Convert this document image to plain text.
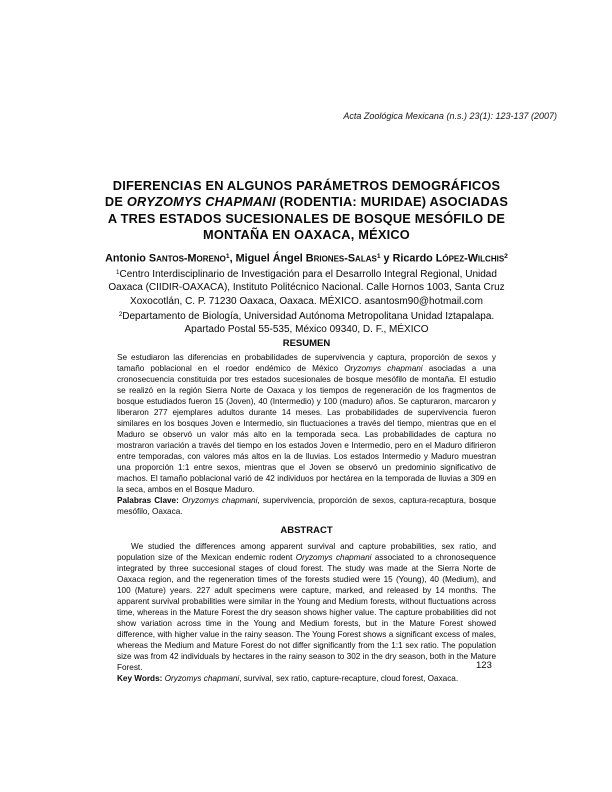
Acta Zoológica Mexicana (n.s.) 23(1): 123-137 (2007)
DIFERENCIAS EN ALGUNOS PARÁMETROS DEMOGRÁFICOS
DE ORYZOMYS CHAPMANI (RODENTIA: MURIDAE) ASOCIADAS
A TRES ESTADOS SUCESIONALES DE BOSQUE MESÓFILO DE
MONTAÑA EN OAXACA, MÉXICO
Antonio Santos-Moreno$^1$, Miguel Ángel Briones-Salas$^1$ y Ricardo López-Wilchis$^2$
$^1$Centro Interdisciplinario de Investigación para el Desarrollo Integral Regional, Unidad
Oaxaca (CIIDIR-OAXACA), Instituto Politécnico Nacional. Calle Hornos 1003, Santa Cruz
Xoxocotlán, C. P. 71230 Oaxaca, Oaxaca. MÉXICO. asantosm90@hotmail.com
$^2$Departamento de Biología, Universidad Autónoma Metropolitana Unidad Iztapalapa.
Apartado Postal 55-535, México 09340, D. F., MÉXICO
RESUMEN

Se estudiaron las diferencias en probabilidades de supervivencia y captura, proporción de sexos y tamaño poblacional en el roedor endémico de México Oryzomys chapmani asociadas a una cronosecuencia constituida por tres estados sucesionales de bosque mesófilo de montaña. El estudio se realizó en la región Sierra Norte de Oaxaca y los tiempos de regeneración de los fragmentos de bosque estudiados fueron 15 (Joven), 40 (Intermedio) y 100 (maduro) años. Se capturaron, marcaron y liberaron 277 ejemplares adultos durante 14 meses. Las probabilidades de supervivencia fueron similares en los bosques Joven e Intermedio, sin fluctuaciones a través del tiempo, mientras que en el Maduro se observó un valor más alto en la temporada seca. Las probabilidades de captura no mostraron variación a través del tiempo en los estados Joven e Intermedio, pero en el Maduro difirieron entre temporadas, con valores más altos en la de lluvias. Los estados Intermedio y Maduro muestran una proporción 1:1 entre sexos, mientras que el Joven se observó un predominio significativo de machos. El tamaño poblacional varió de 42 individuos por hectárea en la temporada de lluvias a 309 en la seca, ambos en el Bosque Maduro.

Palabras Clave: Oryzomys chapmani, supervivencia, proporción de sexos, captura-recaptura, bosque mesófilo, Oaxaca.

ABSTRACT

We studied the differences among apparent survival and capture probabilities, sex ratio, and population size of the Mexican endemic rodent Oryzomys chapmani associated to a chronosequence integrated by three succesional stages of cloud forest. The study was made at the Sierra Norte de Oaxaca region, and the regeneration times of the forests studied were 15 (Young), 40 (Medium), and 100 (Mature) years. 227 adult specimens were capture, marked, and released by 14 months. The apparent survival probabilities were similar in the Young and Medium forests, without fluctuations across time, whereas in the Mature Forest the dry season shows higher value. The capture probabilities did not show variation across time in the Young and Medium forests, but in the Mature Forest showed difference, with higher value in the rainy season. The Young Forest shows a significant excess of males, whereas the Medium and Mature Forest do not differ significantly from the 1:1 sex ratio. The population size was from 42 individuals by hectares in the rainy season to 302 in the dry season, both in the Mature Forest.

Key Words: Oryzomys chapmani, survival, sex ratio, capture-recapture, cloud forest, Oaxaca.

123
